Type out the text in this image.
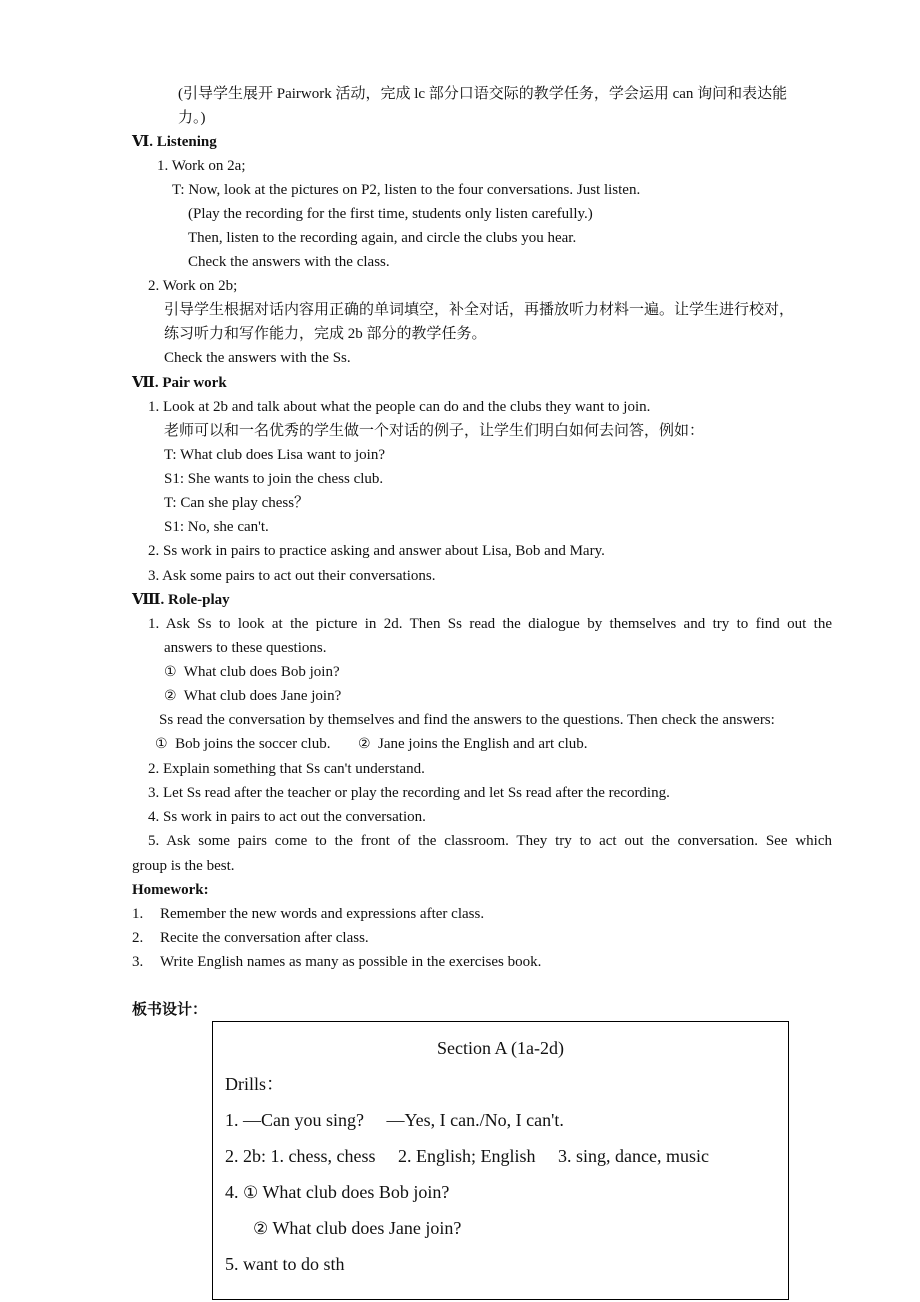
(引导学生展开 Pairwork 活动，完成 lc 部分口语交际的教学任务，学会运用 can 询问和表达能
力。)
Ⅵ. Listening
1. Work on 2a;
T: Now, look at the pictures on P2, listen to the four conversations. Just listen.
(Play the recording for the first time, students only listen carefully.)
Then, listen to the recording again, and circle the clubs you hear.
Check the answers with the class.
2. Work on 2b;
引导学生根据对话内容用正确的单词填空，补全对话，再播放听力材料一遍。让学生进行校对，
练习听力和写作能力，完成 2b 部分的教学任务。
Check the answers with the Ss.
Ⅶ. Pair work
1. Look at 2b and talk about what the people can do and the clubs they want to join.
老师可以和一名优秀的学生做一个对话的例子，让学生们明白如何去问答，例如：
T: What club does Lisa want to join?
S1: She wants to join the chess club.
T: Can she play chess？
S1: No, she can't.
2. Ss work in pairs to practice asking and answer about Lisa, Bob and Mary.
3. Ask some pairs to act out their conversations.
Ⅷ. Role-play
1. Ask Ss to look at the picture in 2d. Then Ss read the dialogue by themselves and try to find out the
answers to these questions.
① What club does Bob join?
② What club does Jane join?
Ss read the conversation by themselves and find the answers to the questions. Then check the answers:
① Bob joins the soccer club. ② Jane joins the English and art club.
2. Explain something that Ss can't understand.
3. Let Ss read after the teacher or play the recording and let Ss read after the recording.
4. Ss work in pairs to act out the conversation.
5. Ask some pairs come to the front of the classroom. They try to act out the conversation. See which
group is the best.
Homework:
1. Remember the new words and expressions after class.
2. Recite the conversation after class.
3. Write English names as many as possible in the exercises book.
板书设计：
Section A (1a-2d)
Drills：
1. —Can you sing?　 —Yes, I can./No, I can't.
2. 2b: 1. chess, chess　 2. English; English　 3. sing, dance, music
4. ① What club does Bob join?
② What club does Jane join?
5. want to do sth
